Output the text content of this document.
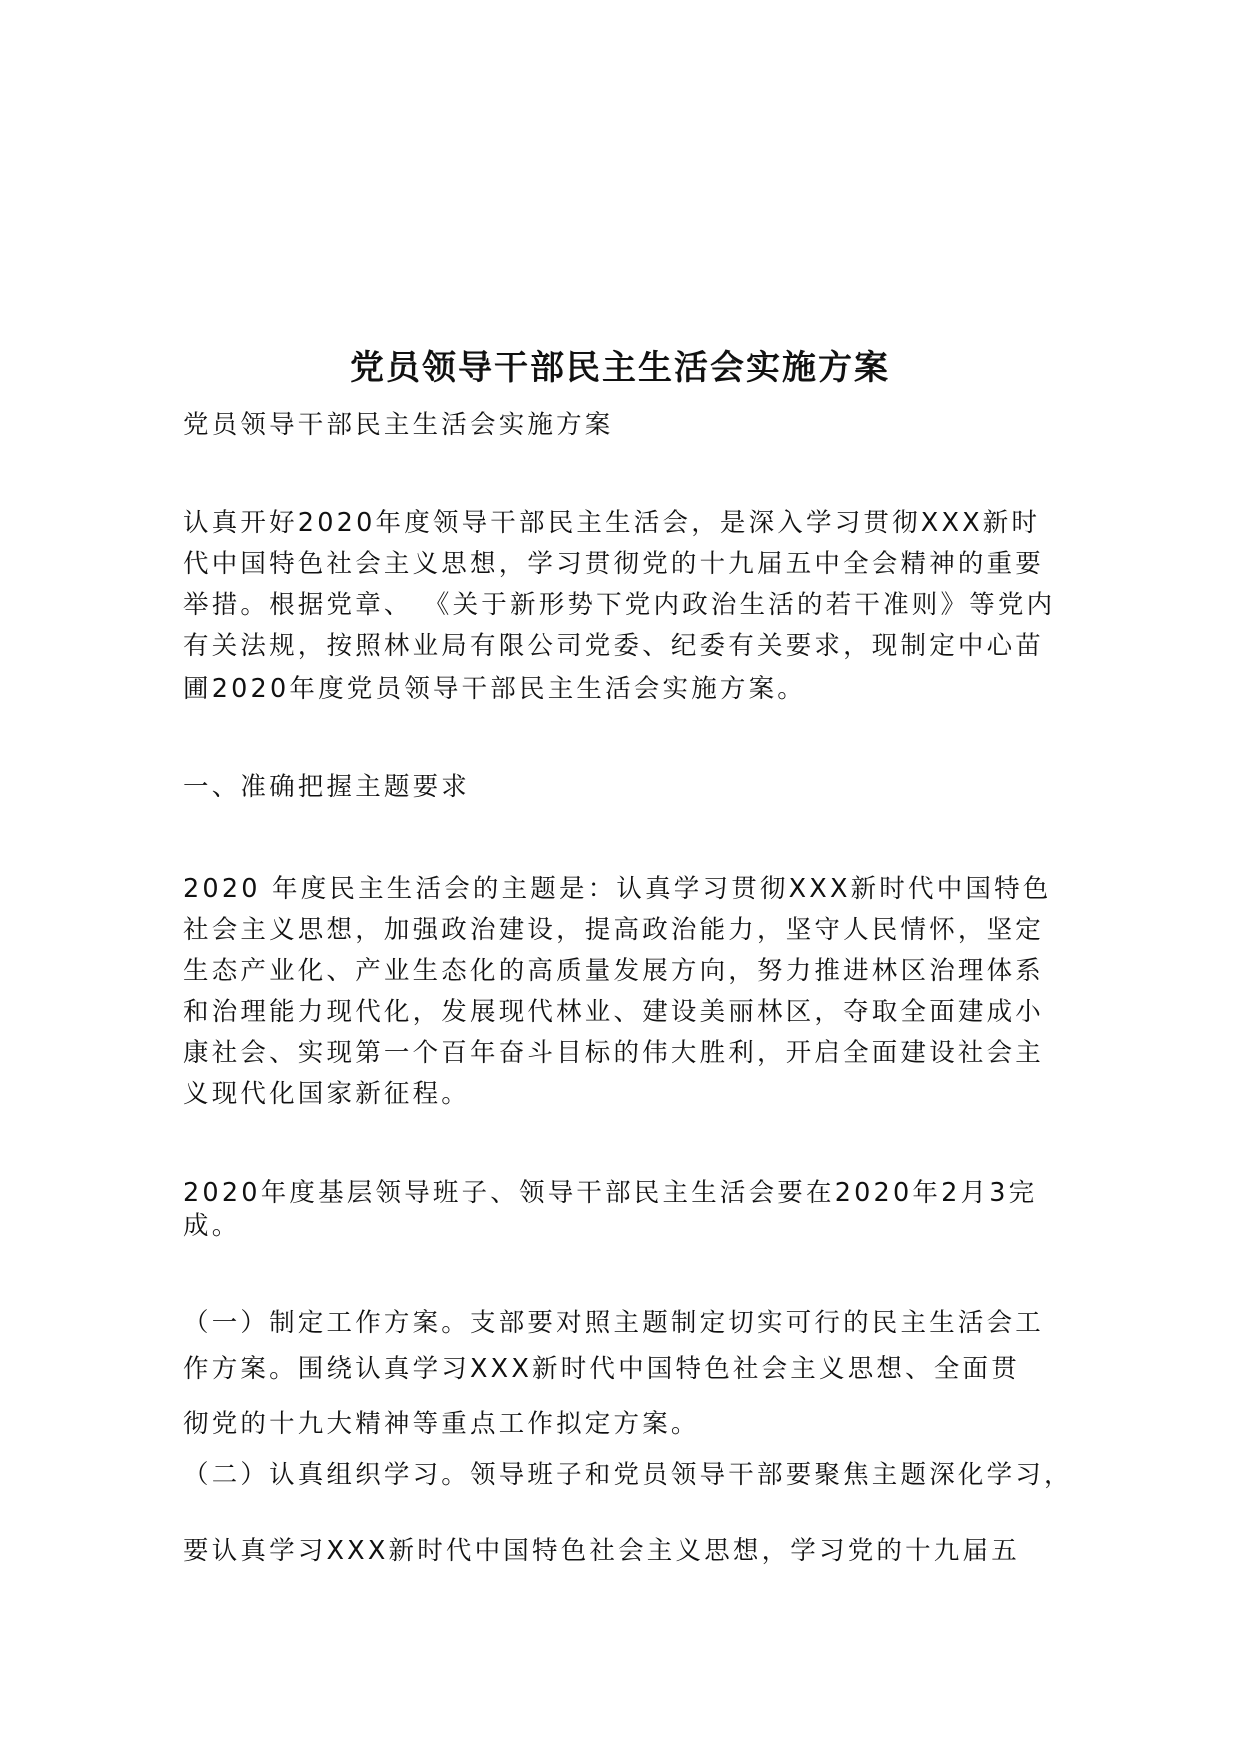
党员领导干部民主生活会实施方案
党员领导干部民主生活会实施方案
认真开好2020年度领导干部民主生活会，是深入学习贯彻XXX新时
代中国特色社会主义思想，学习贯彻党的十九届五中全会精神的重要
举措。根据党章、 《关于新形势下党内政治生活的若干准则》等党内
有关法规，按照林业局有限公司党委、纪委有关要求，现制定中心苗
圃2020年度党员领导干部民主生活会实施方案。
一、准确把握主题要求
2020 年度民主生活会的主题是：认真学习贯彻XXX新时代中国特色
社会主义思想，加强政治建设，提高政治能力，坚守人民情怀，坚定
生态产业化、产业生态化的高质量发展方向，努力推进林区治理体系
和治理能力现代化，发展现代林业、建设美丽林区，夺取全面建成小
康社会、实现第一个百年奋斗目标的伟大胜利，开启全面建设社会主
义现代化国家新征程。
2020年度基层领导班子、领导干部民主生活会要在2020年2月3完
成。
（一）制定工作方案。支部要对照主题制定切实可行的民主生活会工
作方案。围绕认真学习XXX新时代中国特色社会主义思想、全面贯
彻党的十九大精神等重点工作拟定方案。
（二）认真组织学习。领导班子和党员领导干部要聚焦主题深化学习，
要认真学习XXX新时代中国特色社会主义思想，学习党的十九届五
